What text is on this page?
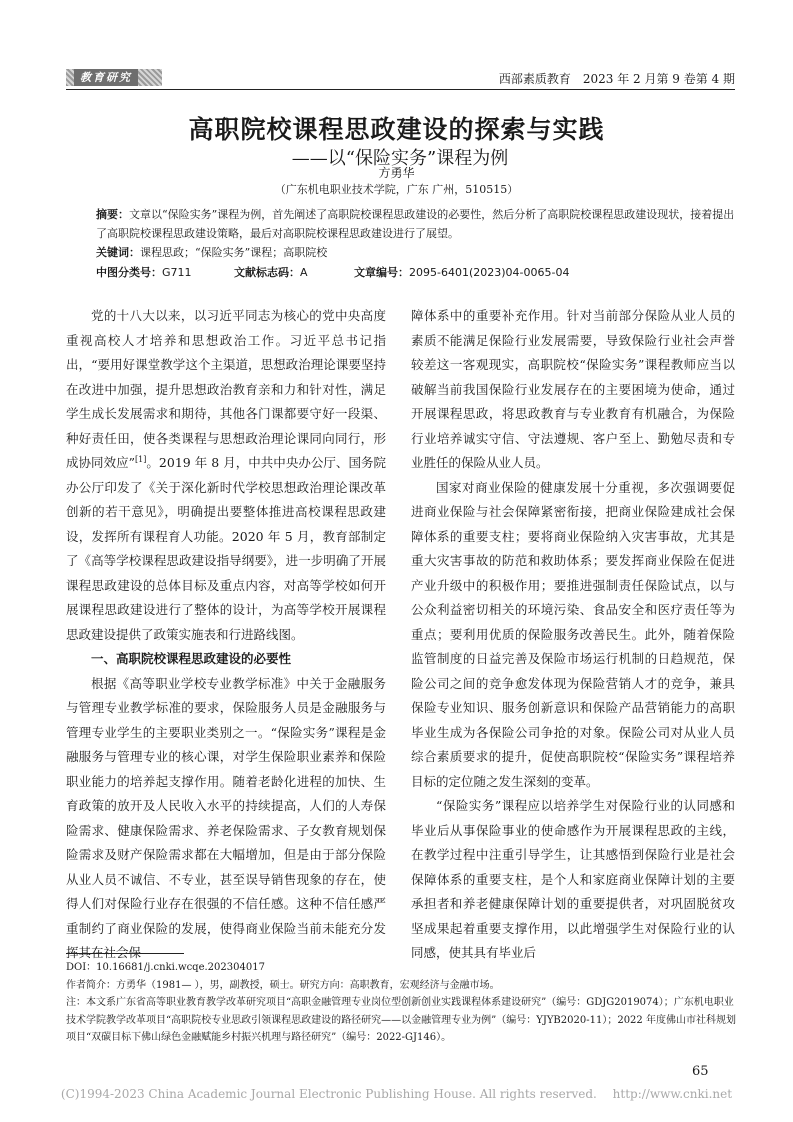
教育研究	西部素质教育　2023 年 2 月第 9 卷第 4 期
高职院校课程思政建设的探索与实践
——以“保险实务”课程为例
方勇华
（广东机电职业技术学院，广东 广州，510515）
摘要：文章以“保险实务”课程为例，首先阐述了高职院校课程思政建设的必要性，然后分析了高职院校课程思政建设现状，接着提出了高职院校课程思政建设策略，最后对高职院校课程思政建设进行了展望。
关键词：课程思政；“保险实务”课程；高职院校
中图分类号：G711	文献标志码：A	文章编号：2095-6401(2023)04-0065-04

党的十八大以来，以习近平同志为核心的党中央高度重视高校人才培养和思想政治工作。习近平总书记指出，“要用好课堂教学这个主渠道，思想政治理论课要坚持在改进中加强，提升思想政治教育亲和力和针对性，满足学生成长发展需求和期待，其他各门课都要守好一段渠、种好责任田，使各类课程与思想政治理论课同向同行，形成协同效应”[1]。2019 年 8 月，中共中央办公厅、国务院办公厅印发了《关于深化新时代学校思想政治理论课改革创新的若干意见》，明确提出要整体推进高校课程思政建设，发挥所有课程育人功能。2020 年 5 月，教育部制定了《高等学校课程思政建设指导纲要》，进一步明确了开展课程思政建设的总体目标及重点内容，对高等学校如何开展课程思政建设进行了整体的设计，为高等学校开展课程思政建设提供了政策实施表和行进路线图。

一、高职院校课程思政建设的必要性

根据《高等职业学校专业教学标准》中关于金融服务与管理专业教学标准的要求，保险服务人员是金融服务与管理专业学生的主要职业类别之一。“保险实务”课程是金融服务与管理专业的核心课，对学生保险职业素养和保险职业能力的培养起支撑作用。随着老龄化进程的加快、生育政策的放开及人民收入水平的持续提高，人们的人寿保险需求、健康保险需求、养老保险需求、子女教育规划保险需求及财产保险需求都在大幅增加，但是由于部分保险从业人员不诚信、不专业，甚至误导销售现象的存在，使得人们对保险行业存在很强的不信任感。这种不信任感严重制约了商业保险的发展，使得商业保险当前未能充分发挥其在社会保

障体系中的重要补充作用。针对当前部分保险从业人员的素质不能满足保险行业发展需要，导致保险行业社会声誉较差这一客观现实，高职院校“保险实务”课程教师应当以破解当前我国保险行业发展存在的主要困境为使命，通过开展课程思政，将思政教育与专业教育有机融合，为保险行业培养诚实守信、守法遵规、客户至上、勤勉尽责和专业胜任的保险从业人员。

国家对商业保险的健康发展十分重视，多次强调要促进商业保险与社会保障紧密衔接，把商业保险建成社会保障体系的重要支柱；要将商业保险纳入灾害事故，尤其是重大灾害事故的防范和救助体系；要发挥商业保险在促进产业升级中的积极作用；要推进强制责任保险试点，以与公众利益密切相关的环境污染、食品安全和医疗责任等为重点；要利用优质的保险服务改善民生。此外，随着保险监管制度的日益完善及保险市场运行机制的日趋规范，保险公司之间的竞争愈发体现为保险营销人才的竞争，兼具保险专业知识、服务创新意识和保险产品营销能力的高职毕业生成为各保险公司争抢的对象。保险公司对从业人员综合素质要求的提升，促使高职院校“保险实务”课程培养目标的定位随之发生深刻的变革。

“保险实务”课程应以培养学生对保险行业的认同感和毕业后从事保险事业的使命感作为开展课程思政的主线，在教学过程中注重引导学生，让其感悟到保险行业是社会保障体系的重要支柱，是个人和家庭商业保障计划的主要承担者和养老健康保障计划的重要提供者，对巩固脱贫攻坚成果起着重要支撑作用，以此增强学生对保险行业的认同感，使其具有毕业后

DOI：10.16681/j.cnki.wcqe.202304017
作者简介：方勇华（1981— ），男，副教授，硕士。研究方向：高职教育，宏观经济与金融市场。
注：本文系广东省高等职业教育教学改革研究项目“高职金融管理专业岗位型创新创业实践课程体系建设研究”（编号：GDJG2019074）；广东机电职业技术学院教学改革项目“高职院校专业思政引领课程思政建设的路径研究——以金融管理专业为例”（编号：YJYB2020-11）；2022 年度佛山市社科规划项目“双碳目标下佛山绿色金融赋能乡村振兴机理与路径研究”（编号：2022-GJ146）。
65
(C)1994-2023 China Academic Journal Electronic Publishing House. All rights reserved.　 http://www.cnki.net
